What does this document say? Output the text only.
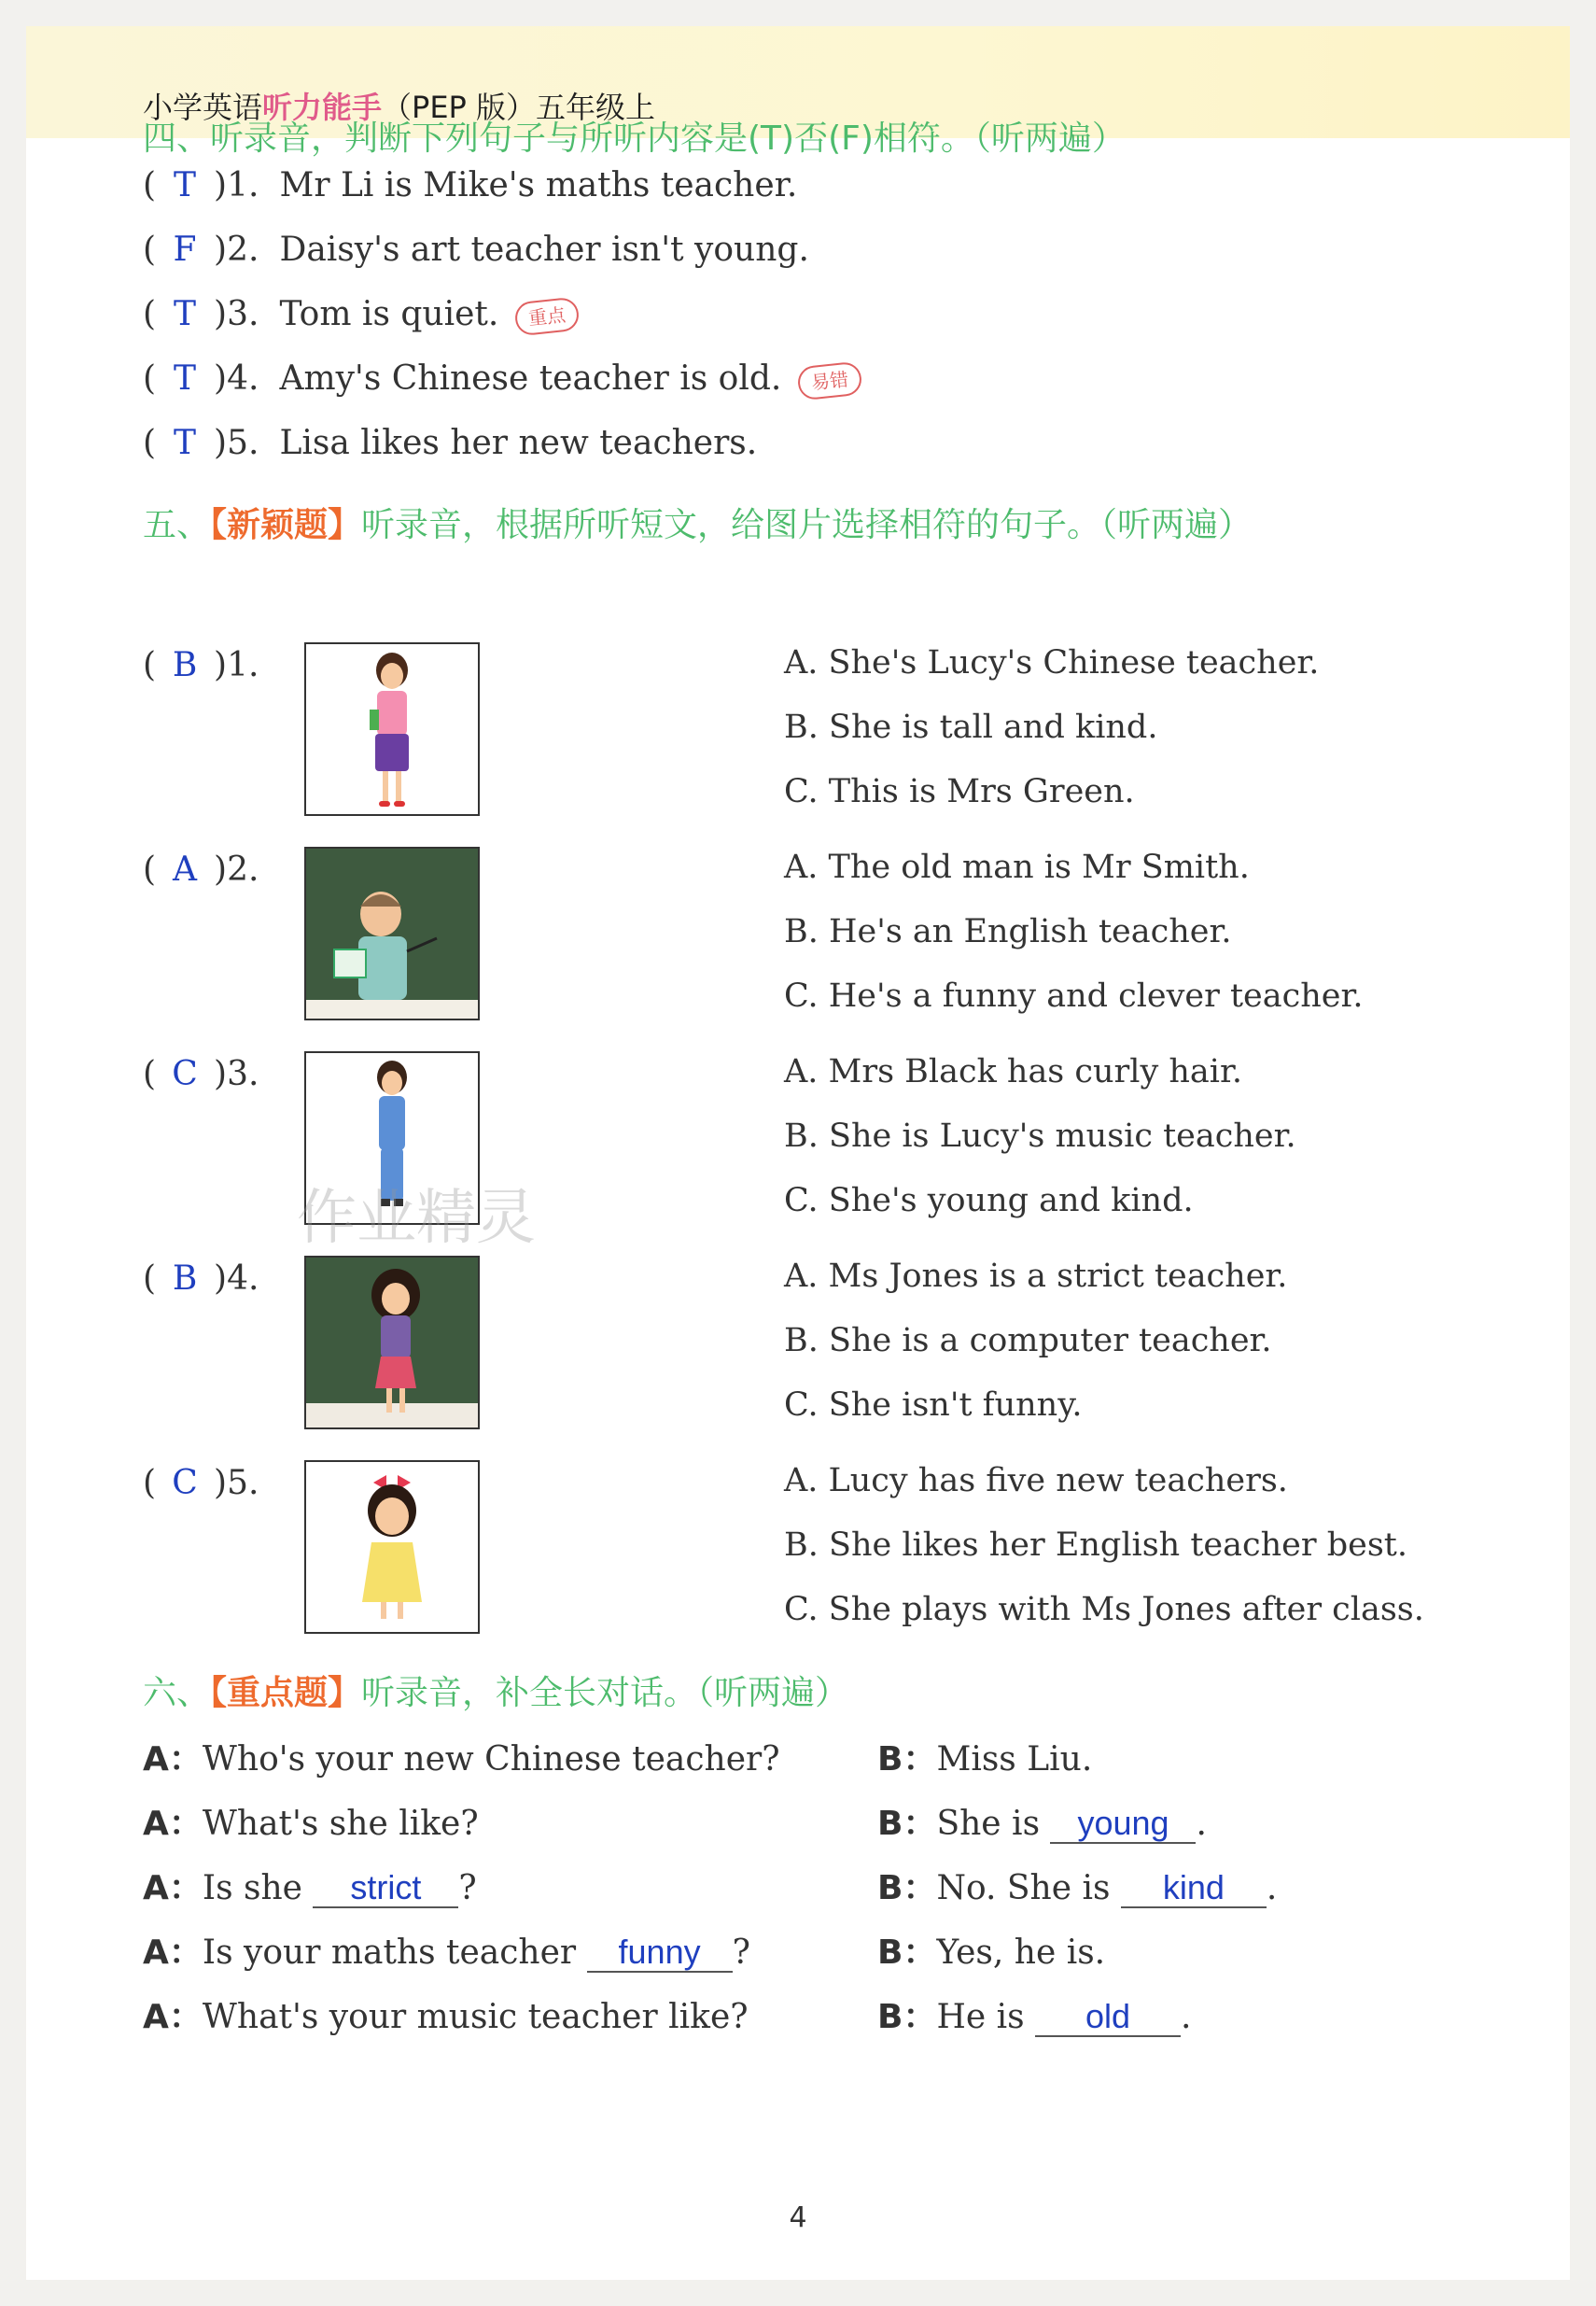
小学英语听力能手（PEP 版）五年级上
四、听录音，判断下列句子与所听内容是(T)否(F)相符。（听两遍）
( T )1. Mr Li is Mike's maths teacher.
( F )2. Daisy's art teacher isn't young.
( T )3. Tom is quiet. 重点
( T )4. Amy's Chinese teacher is old. 易错
( T )5. Lisa likes her new teachers.
五、【新颖题】听录音，根据所听短文，给图片选择相符的句子。（听两遍）
( B )1.	A. She's Lucy's Chinese teacher.
B. She is tall and kind.
C. This is Mrs Green.
( A )2.	A. The old man is Mr Smith.
B. He's an English teacher.
C. He's a funny and clever teacher.
( C )3.	A. Mrs Black has curly hair.
B. She is Lucy's music teacher.
C. She's young and kind.
( B )4.	A. Ms Jones is a strict teacher.
B. She is a computer teacher.
C. She isn't funny.
( C )5.	A. Lucy has five new teachers.
B. She likes her English teacher best.
C. She plays with Ms Jones after class.
六、【重点题】听录音，补全长对话。（听两遍）
A：Who's your new Chinese teacher?	B：Miss Liu.
A：What's she like?	B：She is young .
A：Is she strict ?	B：No. She is kind .
A：Is your maths teacher funny ?	B：Yes, he is.
A：What's your music teacher like?	B：He is old .
作业精灵
4
